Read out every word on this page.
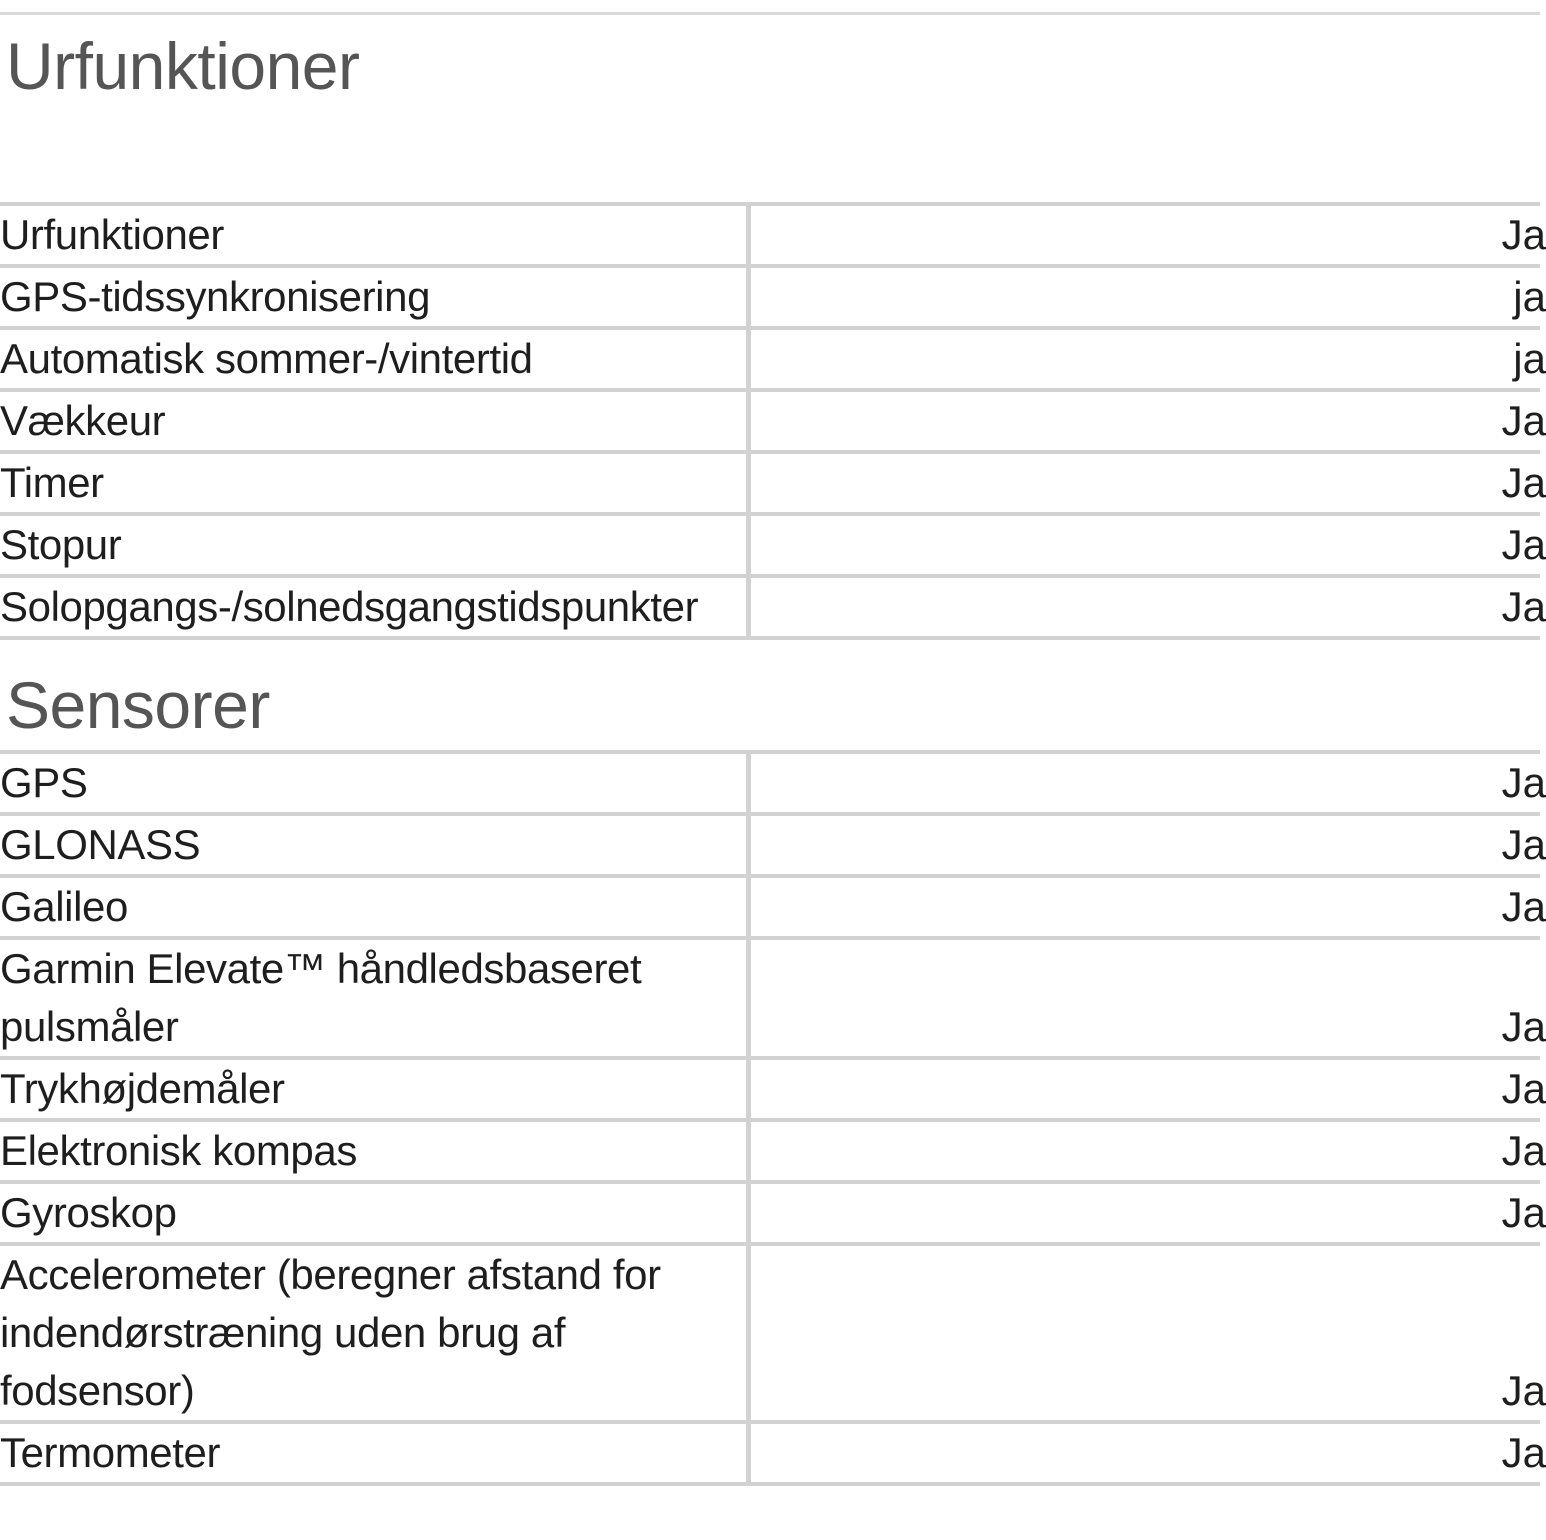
Urfunktioner
Urfunktioner	Ja
GPS-tidssynkronisering	ja
Automatisk sommer-/vintertid	ja
Vækkeur	Ja
Timer	Ja
Stopur	Ja
Solopgangs-/solnedsgangstidspunkter	Ja
Sensorer
GPS	Ja
GLONASS	Ja
Galileo	Ja
Garmin Elevate™ håndledsbaseret pulsmåler	Ja
Trykhøjdemåler	Ja
Elektronisk kompas	Ja
Gyroskop	Ja
Accelerometer (beregner afstand for indendørstræning uden brug af fodsensor)	Ja
Termometer	Ja
